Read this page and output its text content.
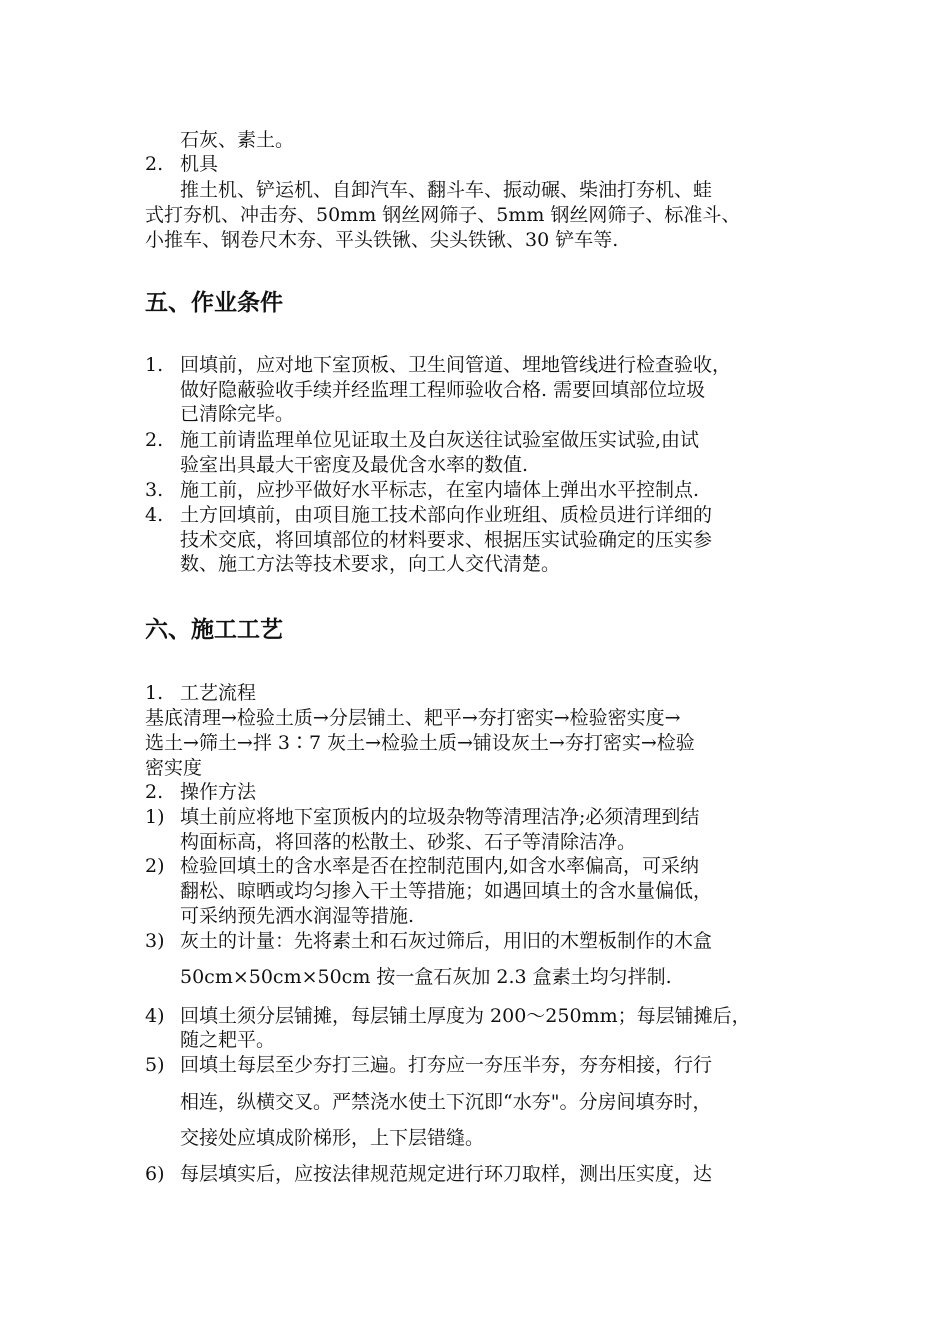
石灰、素土。
2. 机具
推土机、铲运机、自卸汽车、翻斗车、振动碾、柴油打夯机、蛙
式打夯机、冲击夯、50mm 钢丝网筛子、5mm 钢丝网筛子、标准斗、
小推车、钢卷尺木夯、平头铁锹、尖头铁锹、30 铲车等.
五、作业条件
1. 回填前，应对地下室顶板、卫生间管道、埋地管线进行检查验收，
做好隐蔽验收手续并经监理工程师验收合格. 需要回填部位垃圾
已清除完毕。
2. 施工前请监理单位见证取土及白灰送往试验室做压实试验,由试
验室出具最大干密度及最优含水率的数值.
3. 施工前，应抄平做好水平标志，在室内墙体上弹出水平控制点.
4. 土方回填前，由项目施工技术部向作业班组、质检员进行详细的
技术交底，将回填部位的材料要求、根据压实试验确定的压实参
数、施工方法等技术要求，向工人交代清楚。
六、施工工艺
1. 工艺流程
基底清理→检验土质→分层铺土、耙平→夯打密实→检验密实度→
选土→筛土→拌 3∶7 灰土→检验土质→铺设灰土→夯打密实→检验
密实度
2. 操作方法
1) 填土前应将地下室顶板内的垃圾杂物等清理洁净;必须清理到结
构面标高，将回落的松散土、砂浆、石子等清除洁净。
2) 检验回填土的含水率是否在控制范围内,如含水率偏高，可采纳
翻松、晾晒或均匀掺入干土等措施；如遇回填土的含水量偏低，
可采纳预先洒水润湿等措施.
3) 灰土的计量：先将素土和石灰过筛后，用旧的木塑板制作的木盒
50cm×50cm×50cm 按一盒石灰加 2.3 盒素土均匀拌制.
4) 回填土须分层铺摊，每层铺土厚度为 200～250mm；每层铺摊后，
随之耙平。
5) 回填土每层至少夯打三遍。打夯应一夯压半夯，夯夯相接，行行
相连，纵横交叉。严禁浇水使土下沉即“水夯"。分房间填夯时，
交接处应填成阶梯形，上下层错缝。
6) 每层填实后，应按法律规范规定进行环刀取样，测出压实度，达
